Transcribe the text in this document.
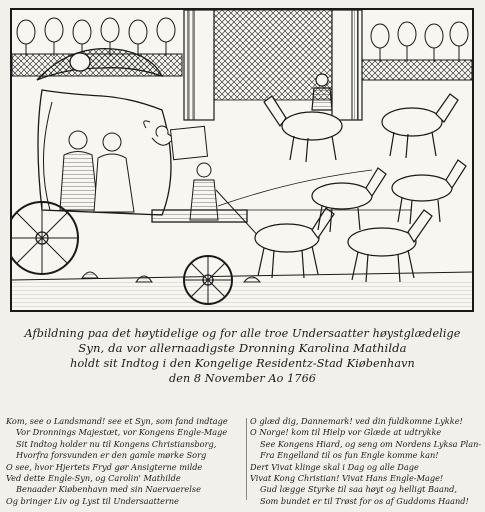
Afbildning paa det høytidelige og for alle troe Undersaatter høystglædelige
Syn, da vor allernaadigste Dronning Karolina Mathilda
holdt sit Indtog i den Kongelige Residentz-Stad Kiøbenhavn
den 8 November Ao 1766
Kom, see o Landsmand! see et Syn, som fand indtage
Vor Dronnings Majestæt, vor Kongens Engle-Mage
Sit Indtog holder nu til Kongens Christiansborg,
Hvorfra forsvunden er den gamle mørke Sorg
O see, hvor Hjertets Fryd gør Ansigterne milde
Ved dette Engle-Syn, og Carolin' Mathilde
Benaader Kiøbenhavn med sin Naervaerelse
Og bringer Liv og Lyst til Undersaatterne
O glæd dig, Dannemark! ved din fuldkomne Lykke!
O Norge! kom til Hielp vor Glæde at udtrykke
See Kongens Hiard, og seng om Nordens Lyksa Plan-
Fra Engelland til os fun Engle komme kan!
Dert Vivat klinge skal i Dag og alle Dage
Vivat Kong Christian! Vivat Hans Engle-Mage!
Gud lægge Styrke til saa høyt og helligt Baand,
Som bundet er til Trøst for os af Guddoms Haand!
